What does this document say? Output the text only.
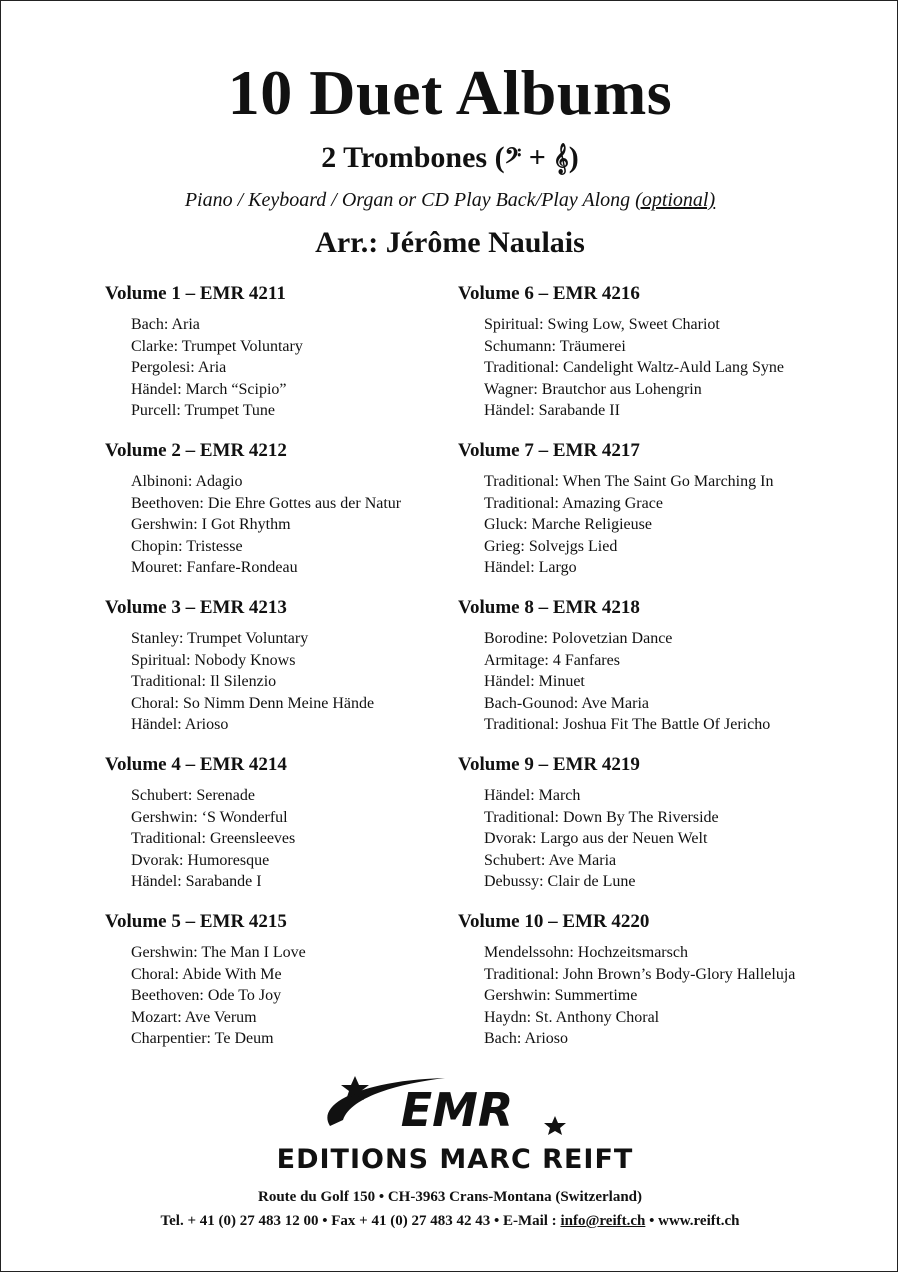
10 Duet Albums
2 Trombones (𝄢 + 𝄞)
Piano / Keyboard / Organ or CD Play Back/Play Along (optional)
Arr.: Jérôme Naulais
Volume 1 – EMR 4211
Bach: Aria
Clarke: Trumpet Voluntary
Pergolesi: Aria
Händel: March “Scipio”
Purcell: Trumpet Tune
Volume 2 – EMR 4212
Albinoni: Adagio
Beethoven: Die Ehre Gottes aus der Natur
Gershwin: I Got Rhythm
Chopin: Tristesse
Mouret: Fanfare-Rondeau
Volume 3 – EMR 4213
Stanley: Trumpet Voluntary
Spiritual: Nobody Knows
Traditional: Il Silenzio
Choral: So Nimm Denn Meine Hände
Händel: Arioso
Volume 4 – EMR 4214
Schubert: Serenade
Gershwin: ‘S Wonderful
Traditional: Greensleeves
Dvorak: Humoresque
Händel: Sarabande I
Volume 5 – EMR 4215
Gershwin: The Man I Love
Choral: Abide With Me
Beethoven: Ode To Joy
Mozart: Ave Verum
Charpentier: Te Deum
Volume 6 – EMR 4216
Spiritual: Swing Low, Sweet Chariot
Schumann: Träumerei
Traditional: Candelight Waltz-Auld Lang Syne
Wagner: Brautchor aus Lohengrin
Händel: Sarabande II
Volume 7 – EMR 4217
Traditional: When The Saint Go Marching In
Traditional: Amazing Grace
Gluck: Marche Religieuse
Grieg: Solvejgs Lied
Händel: Largo
Volume 8 – EMR 4218
Borodine: Polovetzian Dance
Armitage: 4 Fanfares
Händel: Minuet
Bach-Gounod: Ave Maria
Traditional: Joshua Fit The Battle Of Jericho
Volume 9 – EMR 4219
Händel: March
Traditional: Down By The Riverside
Dvorak: Largo aus der Neuen Welt
Schubert: Ave Maria
Debussy: Clair de Lune
Volume 10 – EMR 4220
Mendelssohn: Hochzeitsmarsch
Traditional: John Brown’s Body-Glory Halleluja
Gershwin: Summertime
Haydn: St. Anthony Choral
Bach: Arioso
EMR
EDITIONS MARC REIFT
Route du Golf 150 • CH-3963 Crans-Montana (Switzerland)
Tel. + 41 (0) 27 483 12 00 • Fax + 41 (0) 27 483 42 43 • E-Mail : info@reift.ch • www.reift.ch
